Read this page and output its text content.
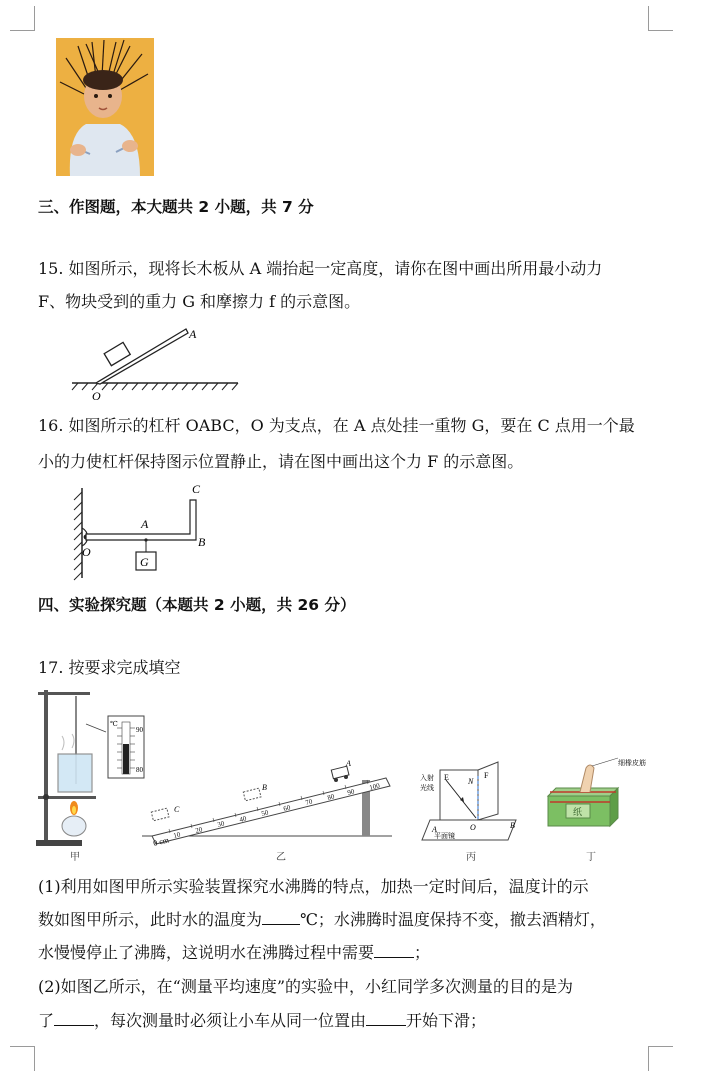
三、作图题，本大题共 2 小题，共 7 分
15. 如图所示，现将长木板从 A 端抬起一定高度，请你在图中画出所用最小动力
F、物块受到的重力 G 和摩擦力 f 的示意图。
A
O
16. 如图所示的杠杆 OABC，O 为支点，在 A 点处挂一重物 G，要在 C 点用一个最
小的力使杠杆保持图示位置静止，请在图中画出这个力 F 的示意图。
G
A
B
C
O
四、实验探究题（本题共 2 小题，共 26 分）
17. 按要求完成填空
℃
90
80
甲
0 cm
10
20
30
40
50
60
70
80
90
100
A
B
C
乙
入射
光线
E N
F
A	O	B
平面镜
丙
纸
细橡皮筋
丁
(1)利用如图甲所示实验装置探究水沸腾的特点，加热一定时间后，温度计的示
数如图甲所示，此时水的温度为 ℃；水沸腾时温度保持不变，撤去酒精灯，
水慢慢停止了沸腾，这说明水在沸腾过程中需要	；
(2)如图乙所示，在“测量平均速度”的实验中，小红同学多次测量的目的是为
了	，每次测量时必须让小车从同一位置由	开始下滑；
